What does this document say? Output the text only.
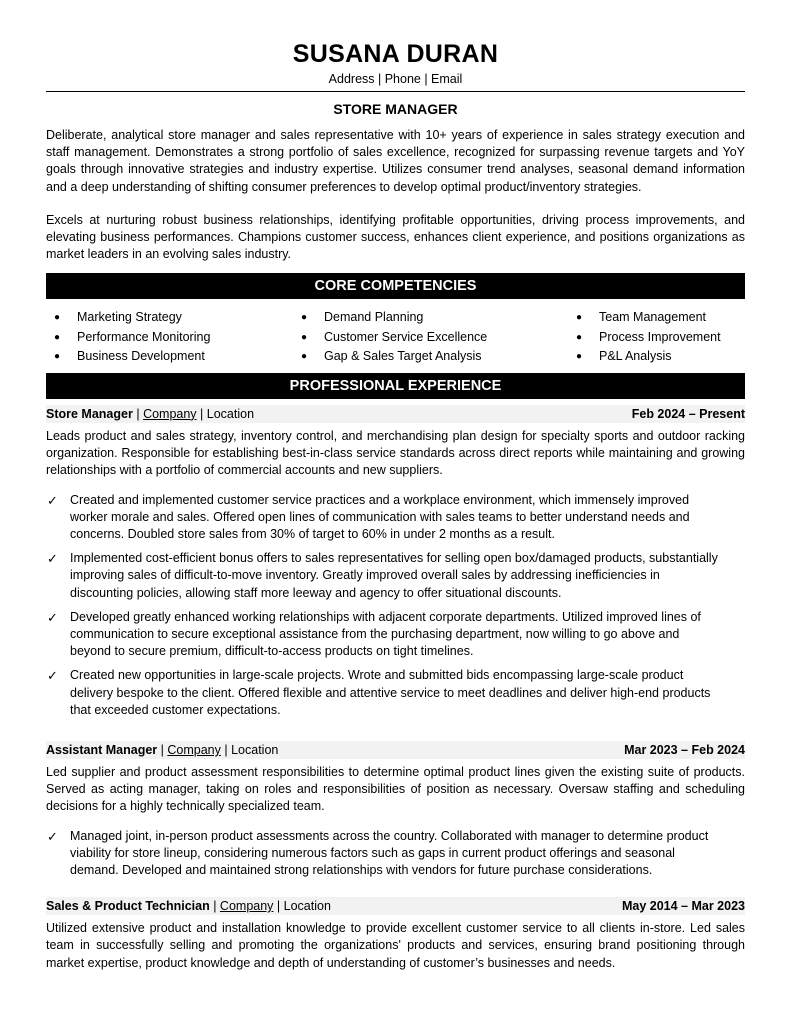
SUSANA DURAN
Address | Phone | Email
STORE MANAGER

Deliberate, analytical store manager and sales representative with 10+ years of experience in sales strategy execution and staff management. Demonstrates a strong portfolio of sales excellence, recognized for surpassing revenue targets and YoY goals through innovative strategies and industry expertise. Utilizes consumer trend analyses, seasonal demand information and a deep understanding of shifting consumer preferences to develop optimal product/inventory strategies.

Excels at nurturing robust business relationships, identifying profitable opportunities, driving process improvements, and elevating business performances. Champions customer success, enhances client experience, and positions organizations as market leaders in an evolving sales industry.

CORE COMPETENCIES
● Marketing Strategy
● Performance Monitoring
● Business Development
● Demand Planning
● Customer Service Excellence
● Gap & Sales Target Analysis
● Team Management
● Process Improvement
● P&L Analysis
PROFESSIONAL EXPERIENCE
Store Manager | Company | Location	Feb 2024 – Present
Leads product and sales strategy, inventory control, and merchandising plan design for specialty sports and outdoor racking organization. Responsible for establishing best-in-class service standards across direct reports while maintaining and growing relationships with a portfolio of commercial accounts and new suppliers.
✓ Created and implemented customer service practices and a workplace environment, which immensely improved worker morale and sales. Offered open lines of communication with sales teams to better understand needs and concerns. Doubled store sales from 30% of target to 60% in under 2 months as a result.
✓ Implemented cost-efficient bonus offers to sales representatives for selling open box/damaged products, substantially improving sales of difficult-to-move inventory. Greatly improved overall sales by addressing inefficiencies in discounting policies, allowing staff more leeway and agency to offer situational discounts.
✓ Developed greatly enhanced working relationships with adjacent corporate departments. Utilized improved lines of communication to secure exceptional assistance from the purchasing department, now willing to go above and beyond to secure premium, difficult-to-access products on tight timelines.
✓ Created new opportunities in large-scale projects. Wrote and submitted bids encompassing large-scale product delivery bespoke to the client. Offered flexible and attentive service to meet deadlines and deliver high-end products that exceeded customer expectations.
Assistant Manager | Company | Location	Mar 2023 – Feb 2024
Led supplier and product assessment responsibilities to determine optimal product lines given the existing suite of products. Served as acting manager, taking on roles and responsibilities of position as necessary. Oversaw staffing and scheduling decisions for a highly technically specialized team.
✓ Managed joint, in-person product assessments across the country. Collaborated with manager to determine product viability for store lineup, considering numerous factors such as gaps in current product offerings and seasonal demand. Developed and maintained strong relationships with vendors for future purchase considerations.
Sales & Product Technician | Company | Location	May 2014 – Mar 2023
Utilized extensive product and installation knowledge to provide excellent customer service to all clients in-store. Led sales team in successfully selling and promoting the organizations' products and services, ensuring brand positioning through market expertise, product knowledge and depth of understanding of customer’s businesses and needs.
